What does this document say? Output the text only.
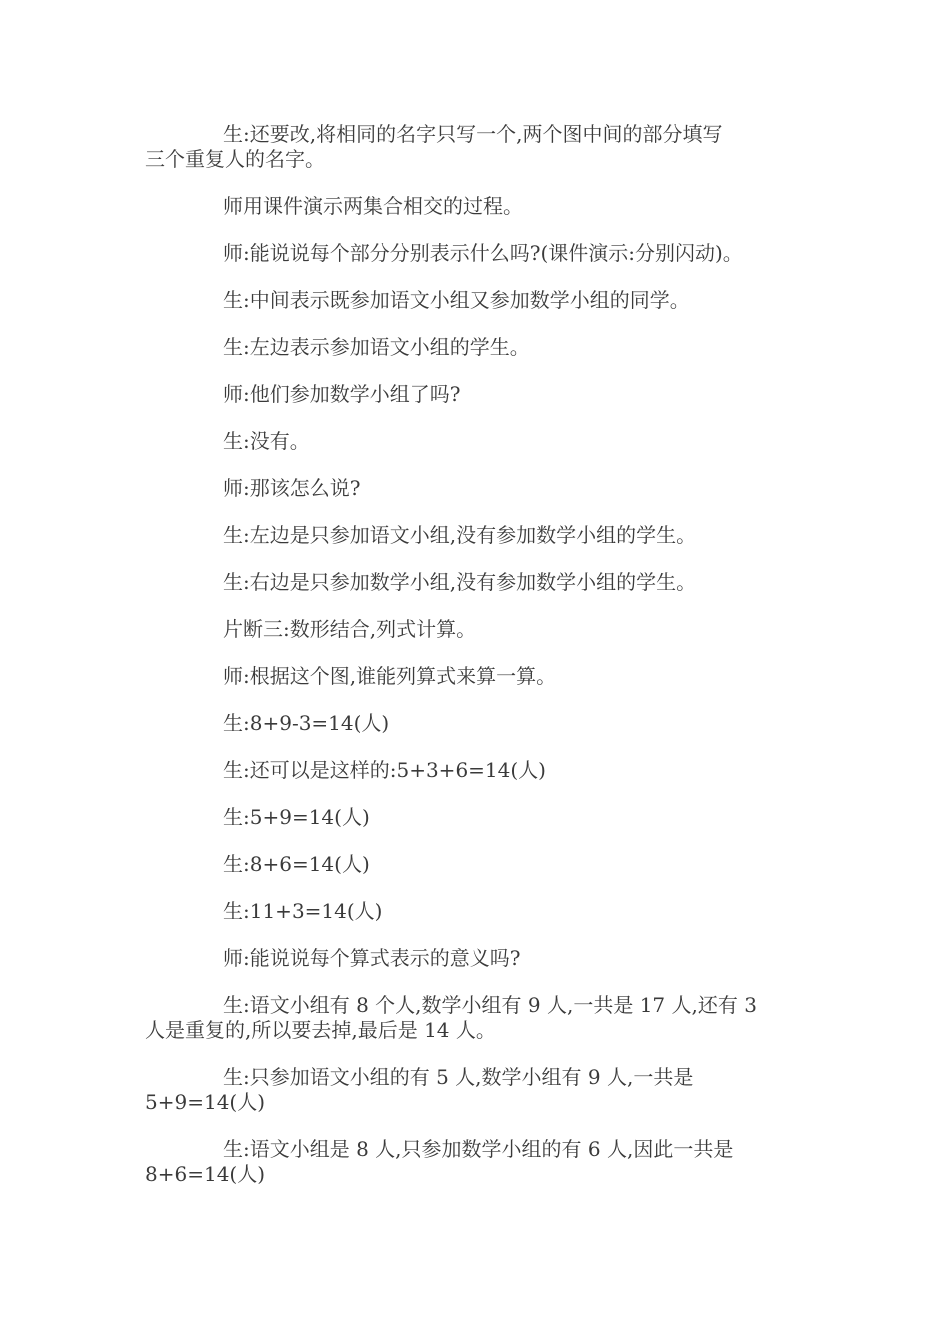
生:还要改,将相同的名字只写一个,两个图中间的部分填写
三个重复人的名字。

师用课件演示两集合相交的过程。

师:能说说每个部分分别表示什么吗?(课件演示:分别闪动)。

生:中间表示既参加语文小组又参加数学小组的同学。

生:左边表示参加语文小组的学生。

师:他们参加数学小组了吗?

生:没有。

师:那该怎么说?

生:左边是只参加语文小组,没有参加数学小组的学生。

生:右边是只参加数学小组,没有参加数学小组的学生。

片断三:数形结合,列式计算。

师:根据这个图,谁能列算式来算一算。

生:8+9-3=14(人)

生:还可以是这样的:5+3+6=14(人)

生:5+9=14(人)

生:8+6=14(人)

生:11+3=14(人)

师:能说说每个算式表示的意义吗?

生:语文小组有 8 个人,数学小组有 9 人,一共是 17 人,还有 3
人是重复的,所以要去掉,最后是 14 人。

生:只参加语文小组的有 5 人,数学小组有 9 人,一共是
5+9=14(人)

生:语文小组是 8 人,只参加数学小组的有 6 人,因此一共是
8+6=14(人)
